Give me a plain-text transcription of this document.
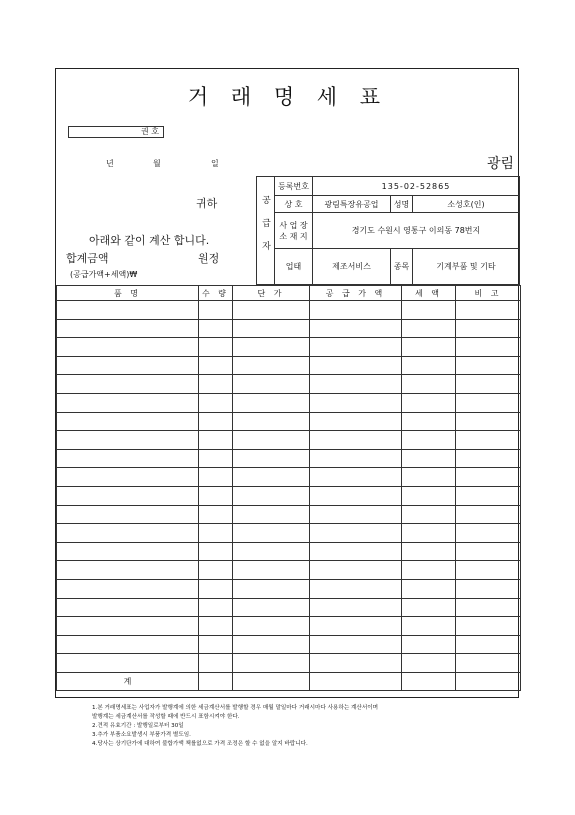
거 래 명 세 표
권 호
년	월	일	광림
귀하
아래와 같이 계산 합니다.
합계금액	원정
(공급가액+세액)₩
공급자	등록번호	135-02-52865		
	상 호	광림특장유공업	성명	소성호(인)
	사 업 장 소 재 지	경기도 수원시 영통구 이의동 78번지		
	업태	제조서비스	종목	기계부품 및 기타
품 명	수 량	단 가	공 급 가 액	세 액	비 고

계					
1.본 거래명세표는 사업자가 발행계에 의한 세금계산서를 발행할 경우 매월 말일마다 거래시마다 사용하는 계산서이며
발행계는 세금계산서를 작성할 때에 반드시 표함시켜야 한다.
2.견적 유효기간 : 발행일로부터 30일
3.추가 부품소요발생시 부품가격 별도임.
4.당사는 상기단가에 대하여 불합가액 책를없으로 가격 조정은 할 수 없을 알지 바랍니다.
